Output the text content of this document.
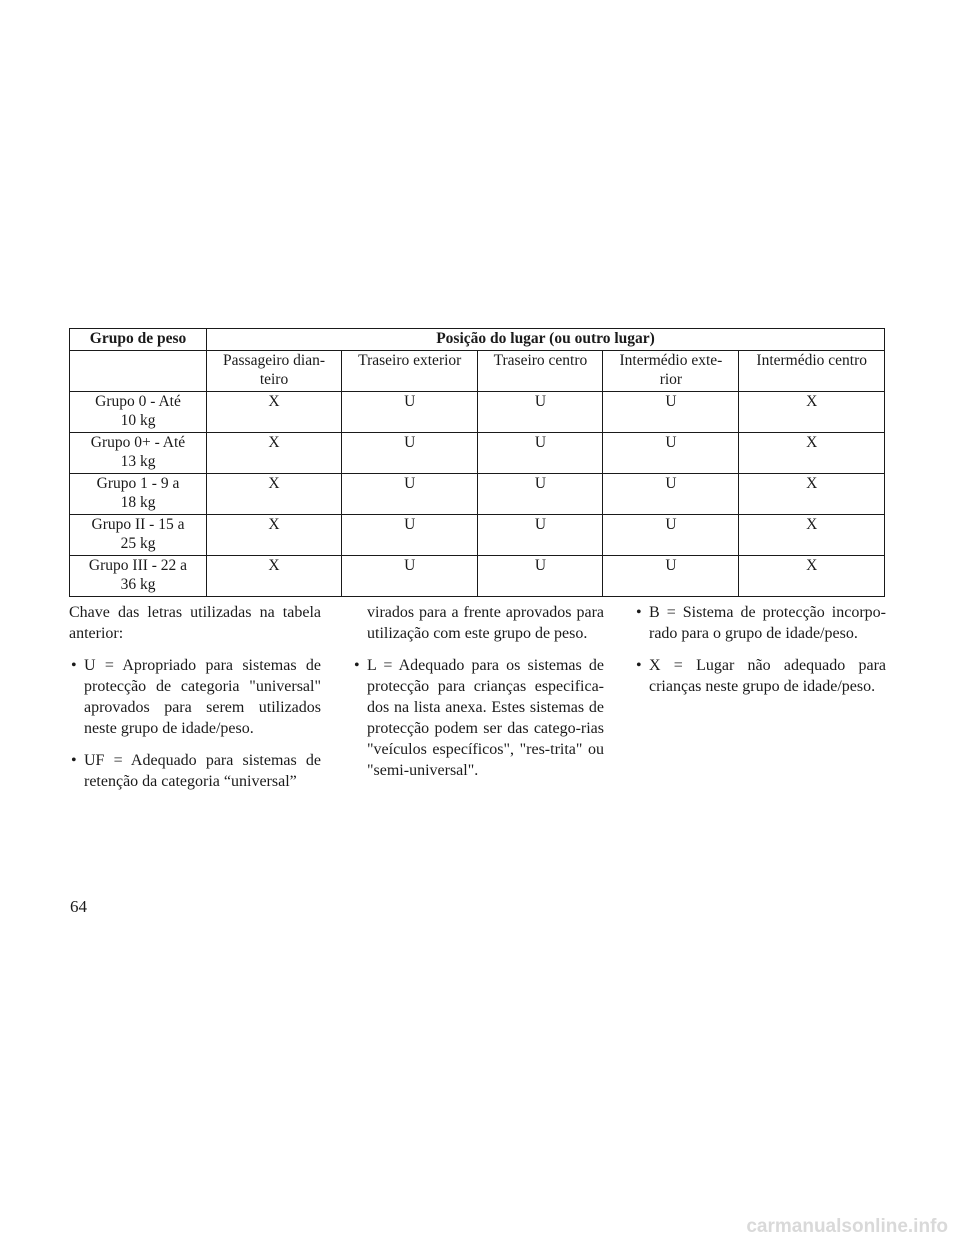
Grupo de peso	Posição do lugar (ou outro lugar)				

	Passageiro dian-
teiro	Traseiro exterior	Traseiro centro	Intermédio exte-
rior	Intermédio centro

Grupo 0 - Até
10 kg	X	U	U	U	X

Grupo 0+ - Até
13 kg	X	U	U	U	X

Grupo 1 - 9 a
18 kg	X	U	U	U	X

Grupo II - 15 a
25 kg	X	U	U	U	X

Grupo III - 22 a
36 kg	X	U	U	U	X

Chave das letras utilizadas na tabela anterior:

• U = Apropriado para sistemas de protecção de categoria "universal" aprovados para serem utilizados neste grupo de idade/peso.
• UF = Adequado para sistemas de retenção da categoria “universal”
virados para a frente aprovados para utilização com este grupo de peso.
• L = Adequado para os sistemas de protecção para crianças especifica-dos na lista anexa. Estes sistemas de protecção podem ser das catego-rias "veículos específicos", "res-trita" ou "semi-universal".
• B = Sistema de protecção incorpo-rado para o grupo de idade/peso.
• X = Lugar não adequado para crianças neste grupo de idade/peso.
64
carmanualsonline.info
